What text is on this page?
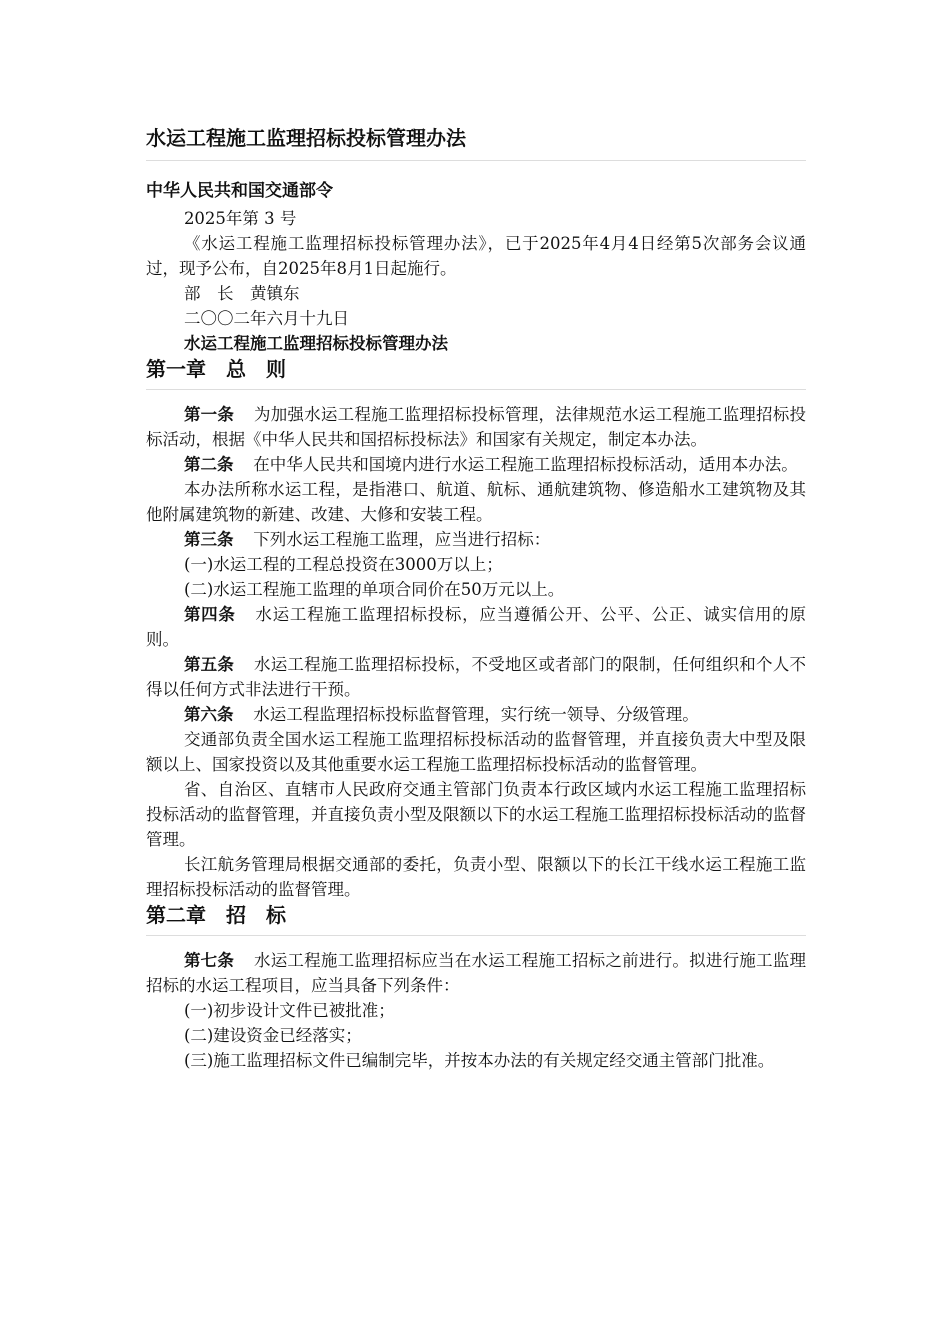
水运工程施工监理招标投标管理办法
中华人民共和国交通部令
2025年第 3 号

《水运工程施工监理招标投标管理办法》，已于2025年4月4日经第5次部务会议通过，现予公布，自2025年8月1日起施行。

部　长　黄镇东
二〇〇二年六月十九日
水运工程施工监理招标投标管理办法
第一章　总　则

第一条 为加强水运工程施工监理招标投标管理，法律规范水运工程施工监理招标投标活动，根据《中华人民共和国招标投标法》和国家有关规定，制定本办法。

第二条 在中华人民共和国境内进行水运工程施工监理招标投标活动，适用本办法。

本办法所称水运工程，是指港口、航道、航标、通航建筑物、修造船水工建筑物及其他附属建筑物的新建、改建、大修和安装工程。

第三条 下列水运工程施工监理，应当进行招标：

(一)水运工程的工程总投资在3000万以上；

(二)水运工程施工监理的单项合同价在50万元以上。

第四条 水运工程施工监理招标投标，应当遵循公开、公平、公正、诚实信用的原则。

第五条 水运工程施工监理招标投标，不受地区或者部门的限制，任何组织和个人不得以任何方式非法进行干预。

第六条 水运工程监理招标投标监督管理，实行统一领导、分级管理。

交通部负责全国水运工程施工监理招标投标活动的监督管理，并直接负责大中型及限额以上、国家投资以及其他重要水运工程施工监理招标投标活动的监督管理。

省、自治区、直辖市人民政府交通主管部门负责本行政区域内水运工程施工监理招标投标活动的监督管理，并直接负责小型及限额以下的水运工程施工监理招标投标活动的监督管理。

长江航务管理局根据交通部的委托，负责小型、限额以下的长江干线水运工程施工监理招标投标活动的监督管理。

第二章　招　标

第七条 水运工程施工监理招标应当在水运工程施工招标之前进行。拟进行施工监理招标的水运工程项目，应当具备下列条件：

(一)初步设计文件已被批准；

(二)建设资金已经落实；

(三)施工监理招标文件已编制完毕，并按本办法的有关规定经交通主管部门批准。
